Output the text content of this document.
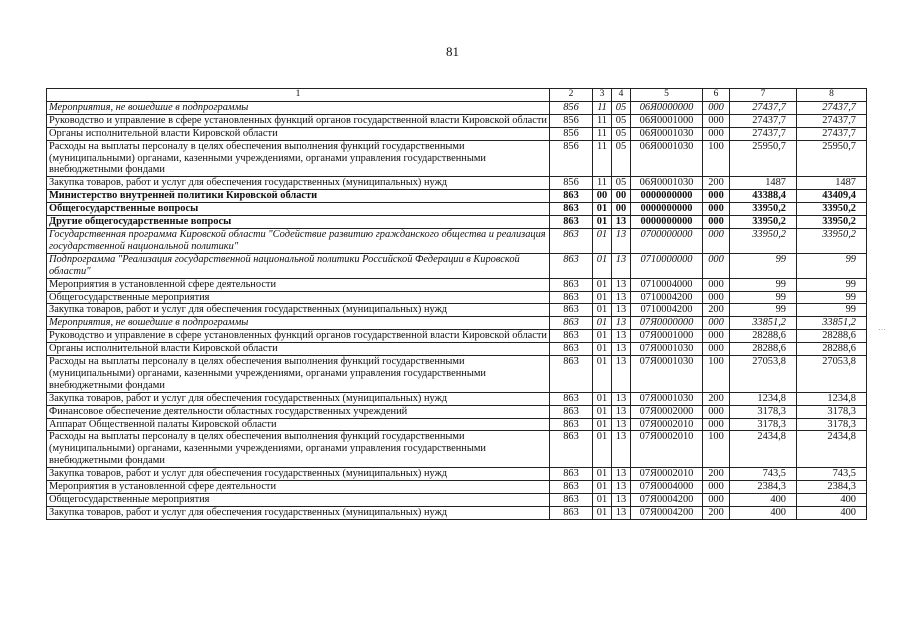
81
1	2	3	4	5	6	7	8
Мероприятия, не вошедшие в подпрограммы	856	11	05	06Я0000000	000	27437,7	27437,7
Руководство и управление в сфере установленных функций органов государственной власти Кировской области	856	11	05	06Я0001000	000	27437,7	27437,7
Органы исполнительной власти Кировской области	856	11	05	06Я0001030	000	27437,7	27437,7
Расходы на выплаты персоналу в целях обеспечения выполнения функций государственными (муниципальными) органами, казенными учреждениями, органами управления государственными внебюджетными фондами	856	11	05	06Я0001030	100	25950,7	25950,7
Закупка товаров, работ и услуг для обеспечения государственных (муниципальных) нужд	856	11	05	06Я0001030	200	1487	1487
Министерство внутренней политики Кировской области	863	00	00	0000000000	000	43388,4	43409,4
Общегосударственные вопросы	863	01	00	0000000000	000	33950,2	33950,2
Другие общегосударственные вопросы	863	01	13	0000000000	000	33950,2	33950,2
Государственная программа Кировской области "Содействие развитию гражданского общества и реализация государственной национальной политики"	863	01	13	0700000000	000	33950,2	33950,2
Подпрограмма "Реализация государственной национальной политики Российской Федерации в Кировской области"	863	01	13	0710000000	000	99	99
Мероприятия в установленной сфере деятельности	863	01	13	0710004000	000	99	99
Общегосударственные мероприятия	863	01	13	0710004200	000	99	99
Закупка товаров, работ и услуг для обеспечения государственных (муниципальных) нужд	863	01	13	0710004200	200	99	99
Мероприятия, не вошедшие в подпрограммы	863	01	13	07Я0000000	000	33851,2	33851,2
Руководство и управление в сфере установленных функций органов государственной власти Кировской области	863	01	13	07Я0001000	000	28288,6	28288,6
Органы исполнительной власти Кировской области	863	01	13	07Я0001030	000	28288,6	28288,6
Расходы на выплаты персоналу в целях обеспечения выполнения функций государственными (муниципальными) органами, казенными учреждениями, органами управления государственными внебюджетными фондами	863	01	13	07Я0001030	100	27053,8	27053,8
Закупка товаров, работ и услуг для обеспечения государственных (муниципальных) нужд	863	01	13	07Я0001030	200	1234,8	1234,8
Финансовое обеспечение деятельности областных государственных учреждений	863	01	13	07Я0002000	000	3178,3	3178,3
Аппарат Общественной палаты Кировской области	863	01	13	07Я0002010	000	3178,3	3178,3
Расходы на выплаты персоналу в целях обеспечения выполнения функций государственными (муниципальными) органами, казенными учреждениями, органами управления государственными внебюджетными фондами	863	01	13	07Я0002010	100	2434,8	2434,8
Закупка товаров, работ и услуг для обеспечения государственных (муниципальных) нужд	863	01	13	07Я0002010	200	743,5	743,5
Мероприятия в установленной сфере деятельности	863	01	13	07Я0004000	000	2384,3	2384,3
Общегосударственные мероприятия	863	01	13	07Я0004200	000	400	400
Закупка товаров, работ и услуг для обеспечения государственных (муниципальных) нужд	863	01	13	07Я0004200	200	400	400
⋯
